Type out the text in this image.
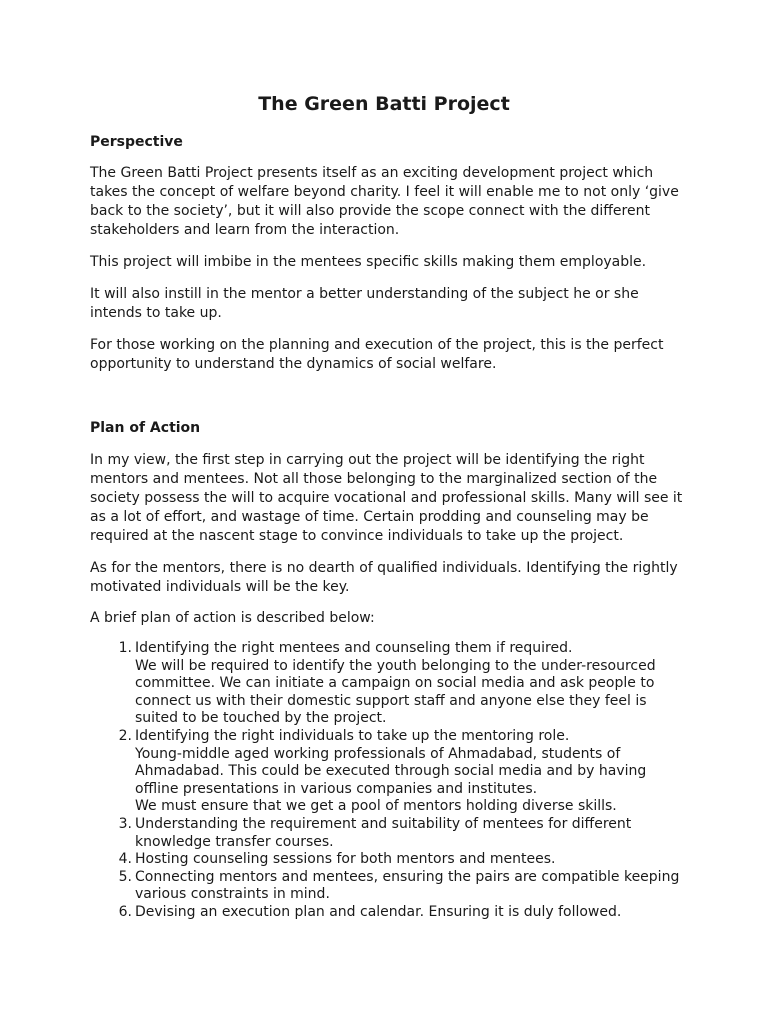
The Green Batti Project
Perspective

The Green Batti Project presents itself as an exciting development project which
takes the concept of welfare beyond charity. I feel it will enable me to not only ‘give
back to the society’, but it will also provide the scope connect with the different
stakeholders and learn from the interaction.

This project will imbibe in the mentees specific skills making them employable.

It will also instill in the mentor a better understanding of the subject he or she
intends to take up.

For those working on the planning and execution of the project, this is the perfect
opportunity to understand the dynamics of social welfare.

Plan of Action

In my view, the first step in carrying out the project will be identifying the right
mentors and mentees. Not all those belonging to the marginalized section of the
society possess the will to acquire vocational and professional skills. Many will see it
as a lot of effort, and wastage of time. Certain prodding and counseling may be
required at the nascent stage to convince individuals to take up the project.

As for the mentors, there is no dearth of qualified individuals. Identifying the rightly
motivated individuals will be the key.

A brief plan of action is described below:

1. Identifying the right mentees and counseling them if required.
We will be required to identify the youth belonging to the under-resourced
committee. We can initiate a campaign on social media and ask people to
connect us with their domestic support staff and anyone else they feel is
suited to be touched by the project.
2. Identifying the right individuals to take up the mentoring role.
Young-middle aged working professionals of Ahmadabad, students of
Ahmadabad. This could be executed through social media and by having
offline presentations in various companies and institutes.
We must ensure that we get a pool of mentors holding diverse skills.
3. Understanding the requirement and suitability of mentees for different
knowledge transfer courses.
4. Hosting counseling sessions for both mentors and mentees.
5. Connecting mentors and mentees, ensuring the pairs are compatible keeping
various constraints in mind.
6. Devising an execution plan and calendar. Ensuring it is duly followed.
